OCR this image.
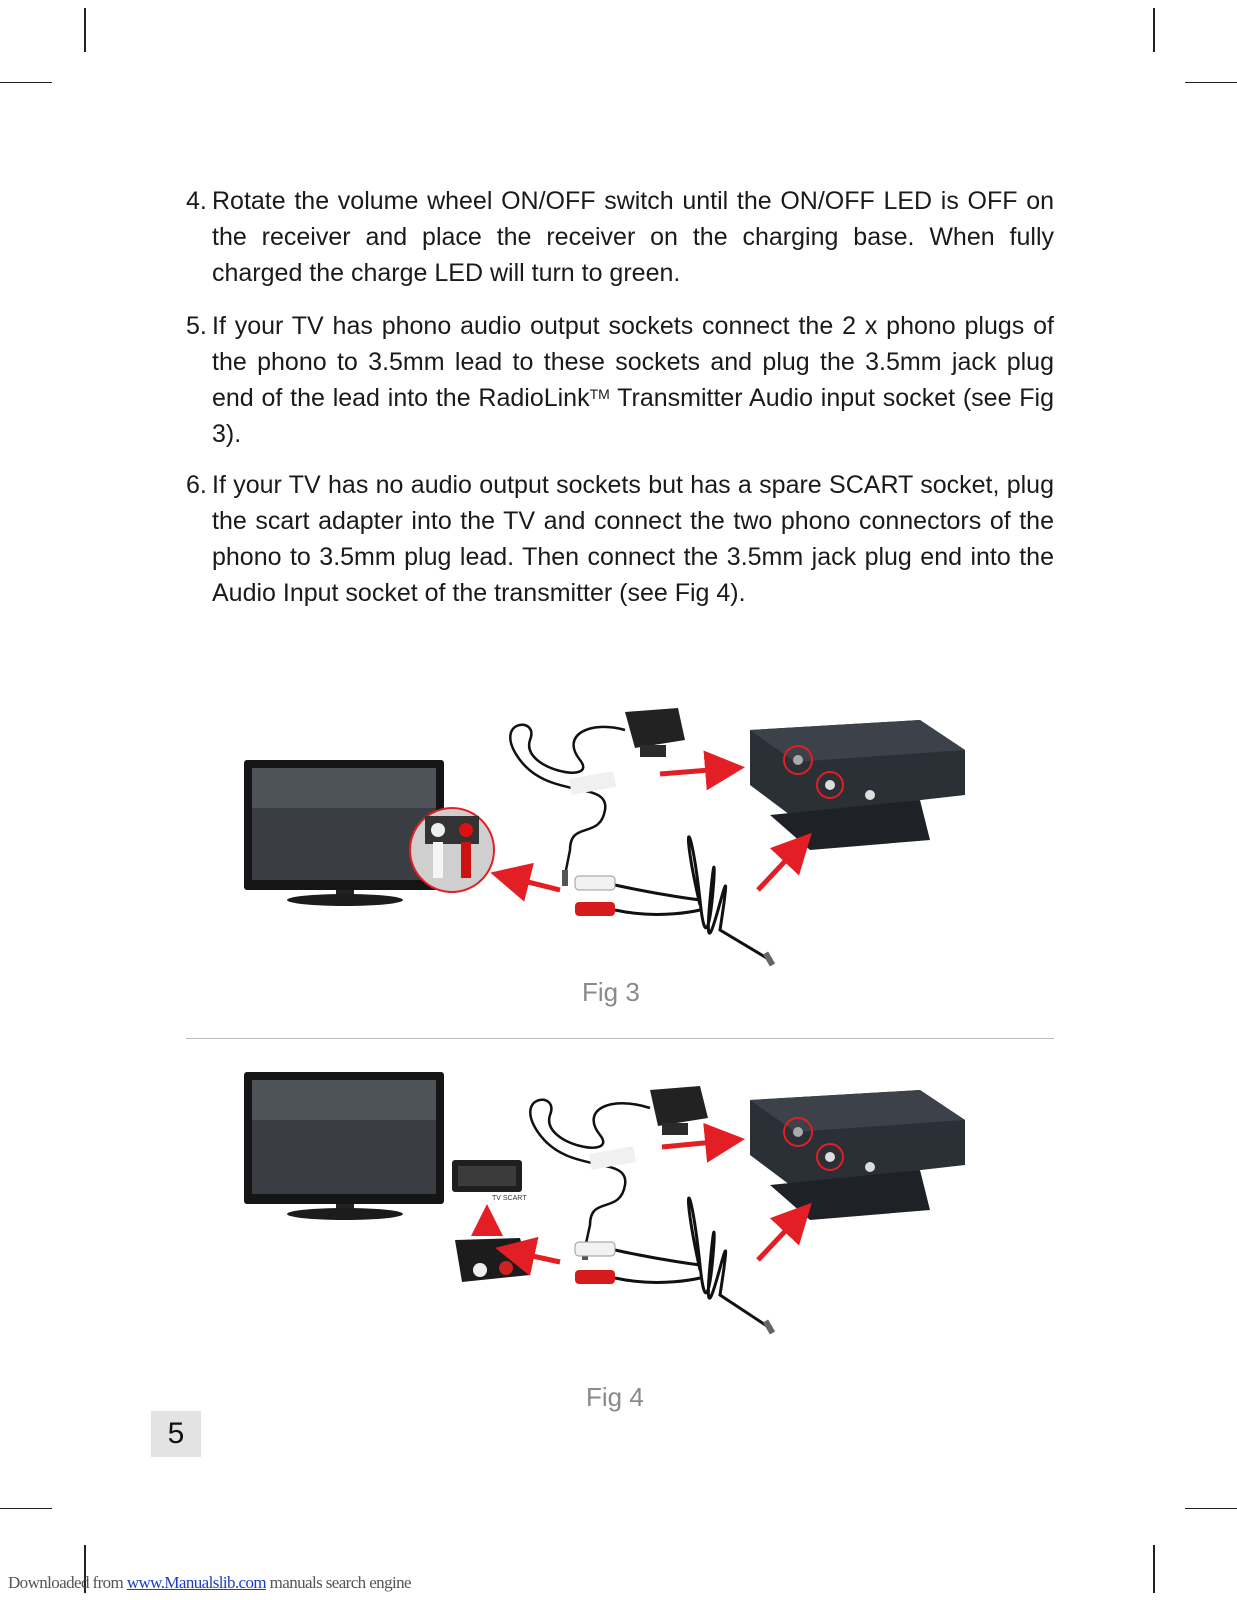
4. Rotate the volume wheel ON/OFF switch until the ON/OFF LED is OFF on the receiver and place the receiver on the charging base. When fully charged the charge LED will turn to green.
5. If your TV has phono audio output sockets connect the 2 x phono plugs of the phono to 3.5mm lead to these sockets and plug the 3.5mm jack plug end of the lead into the RadioLink™ Transmitter Audio input socket (see Fig 3).
6. If your TV has no audio output sockets but has a spare SCART socket, plug the scart adapter into the TV and connect the two phono connectors of the phono to 3.5mm plug lead. Then connect the 3.5mm jack plug end into the Audio Input socket of the transmitter (see Fig 4).
Fig 3
TV SCART
Fig 4
5
Downloaded from www.Manualslib.com manuals search engine
